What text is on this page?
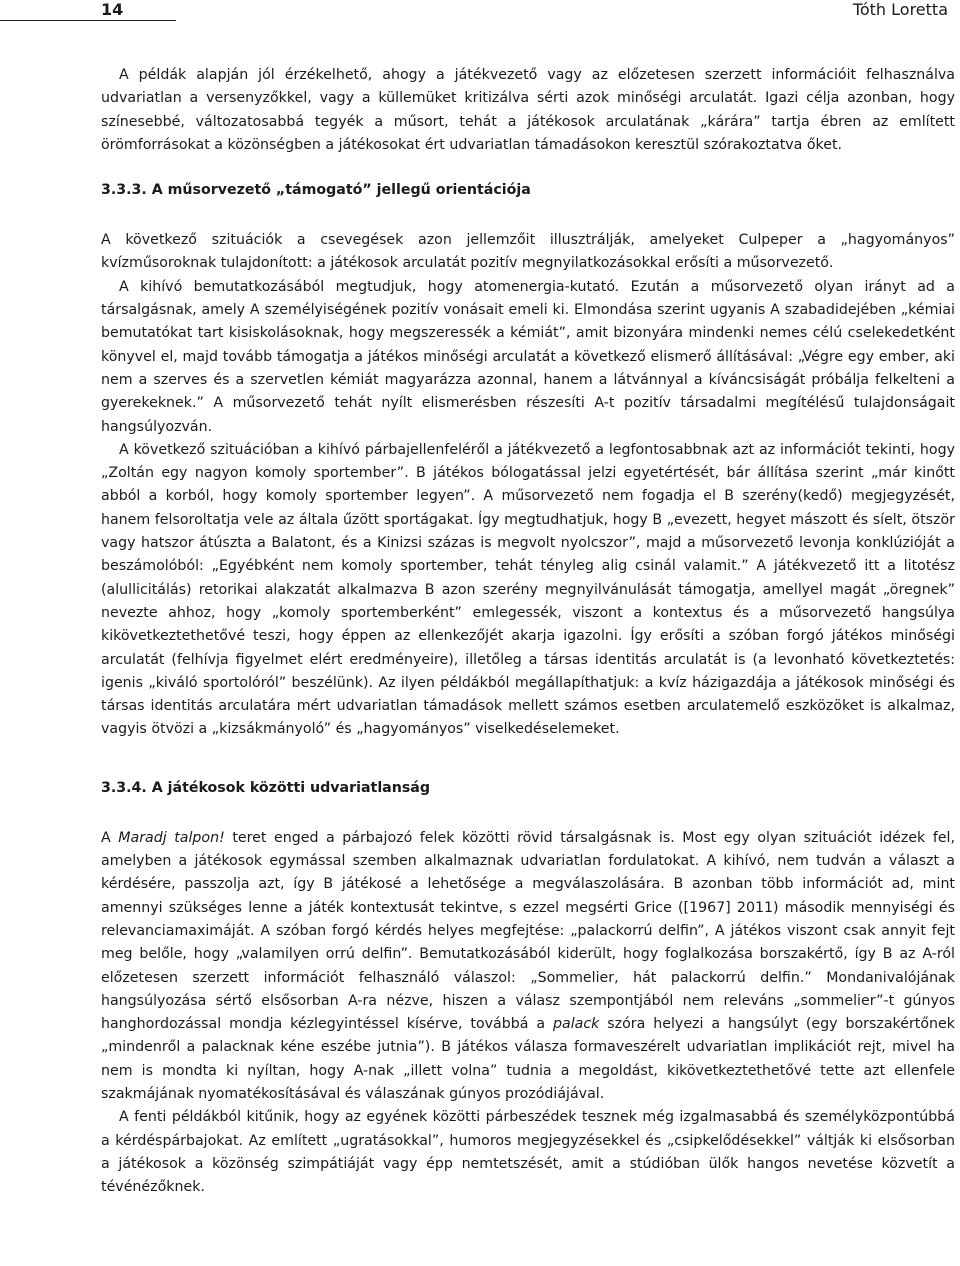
14	Tóth Loretta

A példák alapján jól érzékelhető, ahogy a játékvezető vagy az előzetesen szerzett információit felhasználva udvariatlan a versenyzőkkel, vagy a küllemüket kritizálva sérti azok minőségi arculatát. Igazi célja azonban, hogy színesebbé, változatosabbá tegyék a műsort, tehát a játékosok arculatának „kárára” tartja ébren az említett örömforrásokat a közönségben a játékosokat ért udvariatlan támadásokon keresztül szórakoztatva őket.

3.3.3. A műsorvezető „támogató” jellegű orientációja

A következő szituációk a csevegések azon jellemzőit illusztrálják, amelyeket Culpeper a „hagyományos” kvízműsoroknak tulajdonított: a játékosok arculatát pozitív megnyilatkozásokkal erősíti a műsorvezető.

A kihívó bemutatkozásából megtudjuk, hogy atomenergia-kutató. Ezután a műsorvezető olyan irányt ad a társalgásnak, amely A személyiségének pozitív vonásait emeli ki. Elmondása szerint ugyanis A szabadidejében „kémiai bemutatókat tart kisiskolásoknak, hogy megszeressék a kémiát”, amit bizonyára mindenki nemes célú cselekedetként könyvel el, majd tovább támogatja a játékos minőségi arculatát a következő elismerő állításával: „Végre egy ember, aki nem a szerves és a szervetlen kémiát magyarázza azonnal, hanem a látvánnyal a kíváncsiságát próbálja felkelteni a gyerekeknek.” A műsorvezető tehát nyílt elismerésben részesíti A-t pozitív társadalmi megítélésű tulajdonságait hangsúlyozván.

A következő szituációban a kihívó párbajellenfeléről a játékvezető a legfontosabbnak azt az információt tekinti, hogy „Zoltán egy nagyon komoly sportember”. B játékos bólogatással jelzi egyetértését, bár állítása szerint „már kinőtt abból a korból, hogy komoly sportember legyen”. A műsorvezető nem fogadja el B szerény(kedő) megjegyzését, hanem felsoroltatja vele az általa űzött sportágakat. Így megtudhatjuk, hogy B „evezett, hegyet mászott és síelt, ötször vagy hatszor átúszta a Balatont, és a Kinizsi százas is megvolt nyolcszor”, majd a műsorvezető levonja konklúzióját a beszámolóból: „Egyébként nem komoly sportember, tehát tényleg alig csinál valamit.” A játékvezető itt a litotész (alullicitálás) retorikai alakzatát alkalmazva B azon szerény megnyilvánulását támogatja, amellyel magát „öregnek” nevezte ahhoz, hogy „komoly sportemberként” emlegessék, viszont a kontextus és a műsorvezető hangsúlya kikövetkeztethetővé teszi, hogy éppen az ellenkezőjét akarja igazolni. Így erősíti a szóban forgó játékos minőségi arculatát (felhívja figyelmet elért eredményeire), illetőleg a társas identitás arculatát is (a levonható következtetés: igenis „kiváló sportolóról” beszélünk). Az ilyen példákból megállapíthatjuk: a kvíz házigazdája a játékosok minőségi és társas identitás arculatára mért udvariatlan támadások mellett számos esetben arculatemelő eszközöket is alkalmaz, vagyis ötvözi a „kizsákmányoló” és „hagyományos” viselkedéselemeket.

3.3.4. A játékosok közötti udvariatlanság

A Maradj talpon! teret enged a párbajozó felek közötti rövid társalgásnak is. Most egy olyan szituációt idézek fel, amelyben a játékosok egymással szemben alkalmaznak udvariatlan fordulatokat. A kihívó, nem tudván a választ a kérdésére, passzolja azt, így B játékosé a lehetősége a megválaszolására. B azonban több információt ad, mint amennyi szükséges lenne a játék kontextusát tekintve, s ezzel megsérti Grice ([1967] 2011) második mennyiségi és relevanciamaximáját. A szóban forgó kérdés helyes megfejtése: „palackorrú delfin”, A játékos viszont csak annyit fejt meg belőle, hogy „valamilyen orrú delfin”. Bemutatkozásából kiderült, hogy foglalkozása borszakértő, így B az A-ról előzetesen szerzett információt felhasználó válaszol: „Sommelier, hát palackorrú delfin.” Mondanivalójának hangsúlyozása sértő elsősorban A-ra nézve, hiszen a válasz szempontjából nem releváns „sommelier”-t gúnyos hanghordozással mondja kézlegyintéssel kísérve, továbbá a palack szóra helyezi a hangsúlyt (egy borszakértőnek „mindenről a palacknak kéne eszébe jutnia”). B játékos válasza formaveszérelt udvariatlan implikációt rejt, mivel ha nem is mondta ki nyíltan, hogy A-nak „illett volna” tudnia a megoldást, kikövetkeztethetővé tette azt ellenfele szakmájának nyomatékosításával és válaszának gúnyos prozódiájával.

A fenti példákból kitűnik, hogy az egyének közötti párbeszédek tesznek még izgalmasabbá és személyközpontúbbá a kérdéspárbajokat. Az említett „ugratásokkal”, humoros megjegyzésekkel és „csipkelődésekkel” váltják ki elsősorban a játékosok a közönség szimpátiáját vagy épp nemtetszését, amit a stúdióban ülők hangos nevetése közvetít a tévénézőknek.
